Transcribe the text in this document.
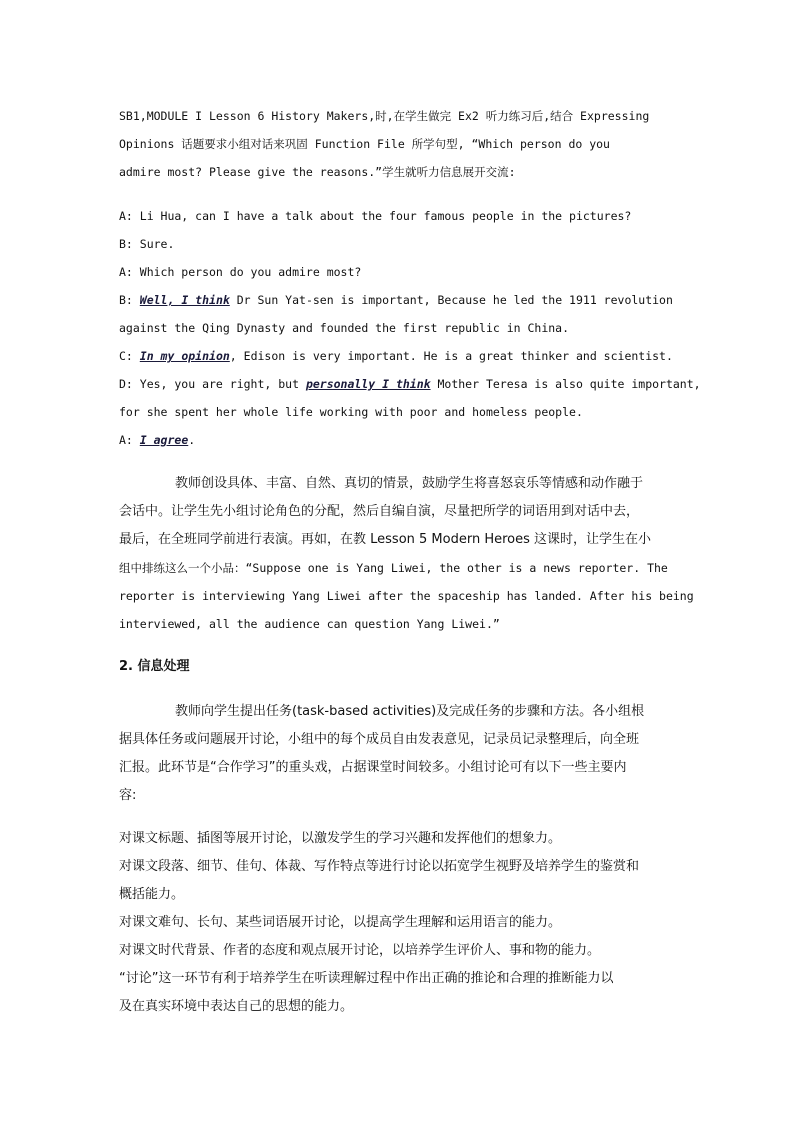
SB1,MODULE I Lesson 6 History Makers,时,在学生做完 Ex2 听力练习后,结合 Expressing
Opinions 话题要求小组对话来巩固 Function File 所学句型, “Which person do you
admire most? Please give the reasons.”学生就听力信息展开交流:
A: Li Hua, can I have a talk about the four famous people in the pictures?
B: Sure.
A: Which person do you admire most?
B: Well, I think Dr Sun Yat-sen is important, Because he led the 1911 revolution
against the Qing Dynasty and founded the first republic in China.
C: In my opinion, Edison is very important. He is a great thinker and scientist.
D: Yes, you are right, but personally I think Mother Teresa is also quite important,
for she spent her whole life working with poor and homeless people.
A: I agree.
教师创设具体、丰富、自然、真切的情景，鼓励学生将喜怒哀乐等情感和动作融于
会话中。让学生先小组讨论角色的分配，然后自编自演，尽量把所学的词语用到对话中去，
最后，在全班同学前进行表演。再如，在教 Lesson 5 Modern Heroes 这课时，让学生在小
组中排练这么一个小品：“Suppose one is Yang Liwei, the other is a news reporter. The
reporter is interviewing Yang Liwei after the spaceship has landed. After his being
interviewed, all the audience can question Yang Liwei.”
2. 信息处理
教师向学生提出任务(task-based activities)及完成任务的步骤和方法。各小组根
据具体任务或问题展开讨论，小组中的每个成员自由发表意见，记录员记录整理后，向全班
汇报。此环节是“合作学习”的重头戏，占据课堂时间较多。小组讨论可有以下一些主要内
容:
对课文标题、插图等展开讨论，以激发学生的学习兴趣和发挥他们的想象力。
对课文段落、细节、佳句、体裁、写作特点等进行讨论以拓宽学生视野及培养学生的鉴赏和
概括能力。
对课文难句、长句、某些词语展开讨论，以提高学生理解和运用语言的能力。
对课文时代背景、作者的态度和观点展开讨论，以培养学生评价人、事和物的能力。
“讨论”这一环节有利于培养学生在听读理解过程中作出正确的推论和合理的推断能力以
及在真实环境中表达自己的思想的能力。
